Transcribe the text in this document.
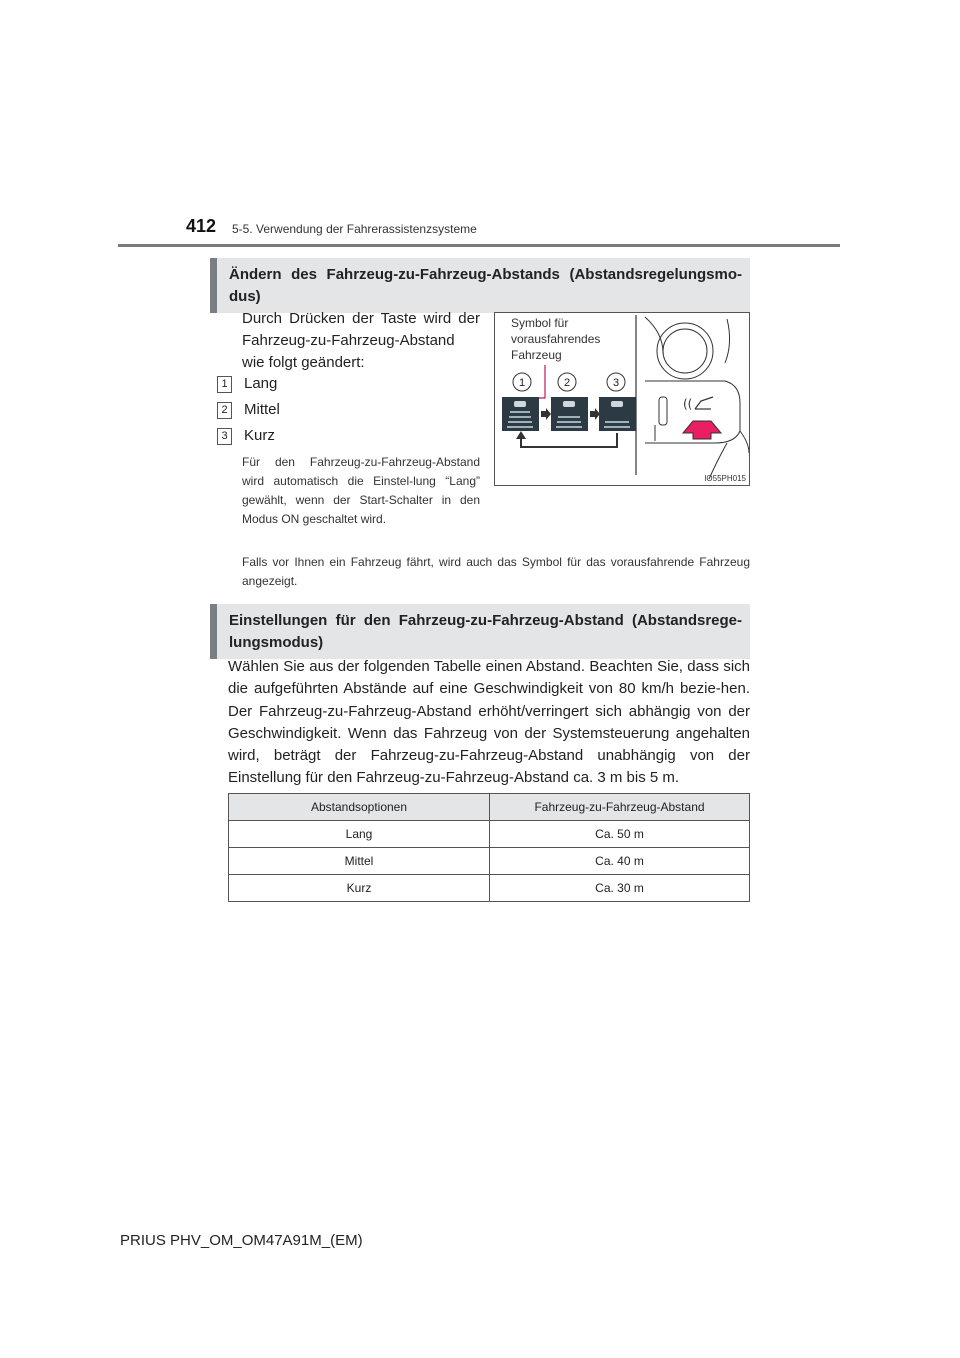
412 5-5. Verwendung der Fahrerassistenzsysteme
Ändern des Fahrzeug-zu-Fahrzeug-Abstands (Abstandsregelungsmo-dus)
Durch Drücken der Taste wird der Fahrzeug-zu-Fahrzeug-Abstand wie folgt geändert:
1 Lang
2 Mittel
3 Kurz
Für den Fahrzeug-zu-Fahrzeug-Abstand wird automatisch die Einstel-lung “Lang” gewählt, wenn der Start-Schalter in den Modus ON geschaltet wird.
Symbol für vorausfahrendes Fahrzeug
1	2	3
((
IO55PH015
Falls vor Ihnen ein Fahrzeug fährt, wird auch das Symbol für das vorausfahrende Fahrzeug angezeigt.
Einstellungen für den Fahrzeug-zu-Fahrzeug-Abstand (Abstandsrege-lungsmodus)
Wählen Sie aus der folgenden Tabelle einen Abstand. Beachten Sie, dass sich die aufgeführten Abstände auf eine Geschwindigkeit von 80 km/h bezie-hen. Der Fahrzeug-zu-Fahrzeug-Abstand erhöht/verringert sich abhängig von der Geschwindigkeit. Wenn das Fahrzeug von der Systemsteuerung angehalten wird, beträgt der Fahrzeug-zu-Fahrzeug-Abstand unabhängig von der Einstellung für den Fahrzeug-zu-Fahrzeug-Abstand ca. 3 m bis 5 m.
Abstandsoptionen	Fahrzeug-zu-Fahrzeug-Abstand
Lang	Ca. 50 m
Mittel	Ca. 40 m
Kurz	Ca. 30 m
PRIUS PHV_OM_OM47A91M_(EM)
